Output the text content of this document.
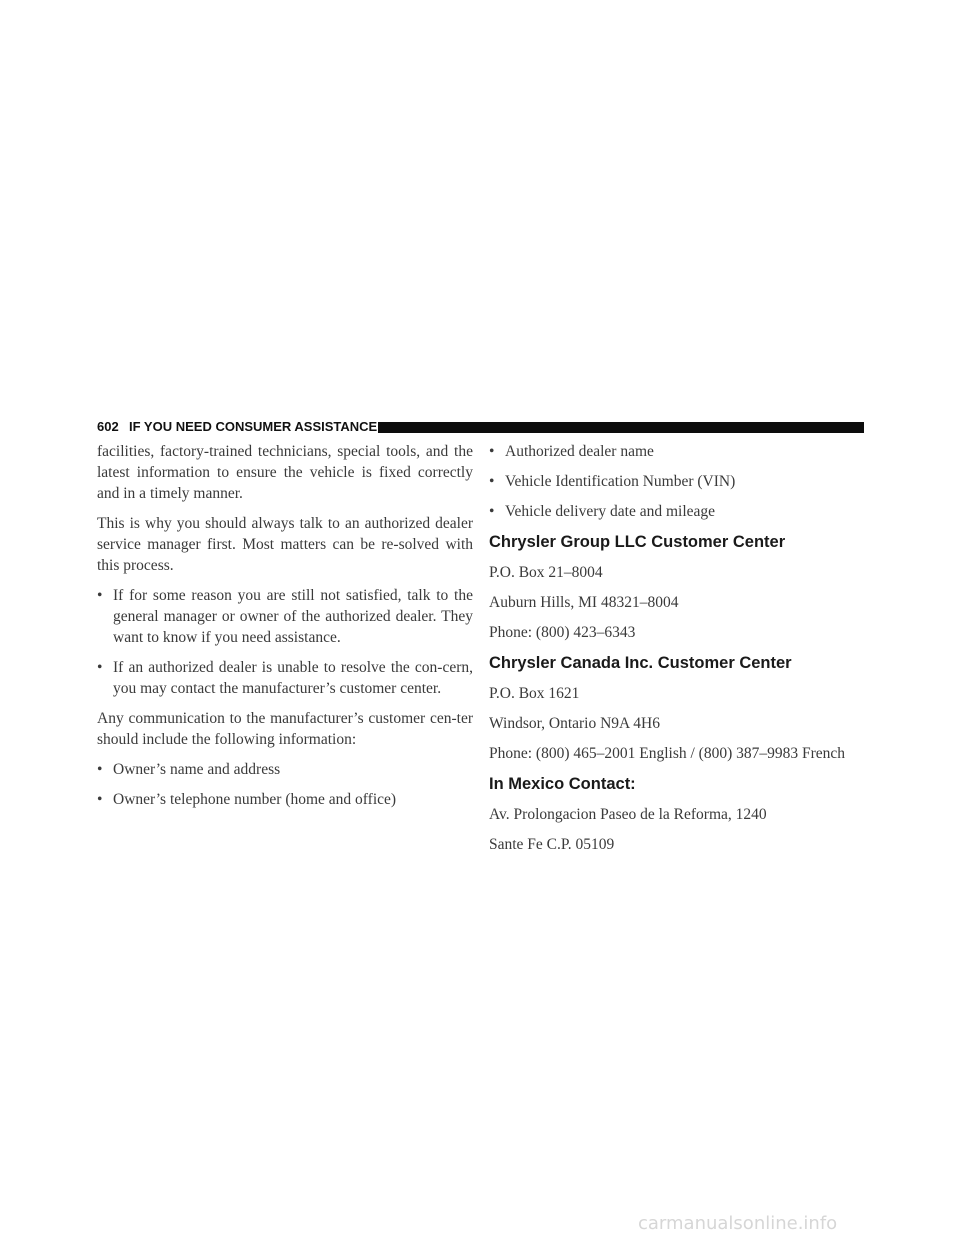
602 IF YOU NEED CONSUMER ASSISTANCE

facilities, factory-trained technicians, special tools, and the latest information to ensure the vehicle is fixed correctly and in a timely manner.

This is why you should always talk to an authorized dealer service manager first. Most matters can be re-solved with this process.

• If for some reason you are still not satisfied, talk to the general manager or owner of the authorized dealer. They want to know if you need assistance.

• If an authorized dealer is unable to resolve the con-cern, you may contact the manufacturer’s customer center.

Any communication to the manufacturer’s customer cen-ter should include the following information:

• Owner’s name and address

• Owner’s telephone number (home and office)

• Authorized dealer name

• Vehicle Identification Number (VIN)

• Vehicle delivery date and mileage

Chrysler Group LLC Customer Center

P.O. Box 21–8004

Auburn Hills, MI 48321–8004

Phone: (800) 423–6343

Chrysler Canada Inc. Customer Center

P.O. Box 1621

Windsor, Ontario N9A 4H6

Phone: (800) 465–2001 English / (800) 387–9983 French

In Mexico Contact:

Av. Prolongacion Paseo de la Reforma, 1240

Sante Fe C.P. 05109

carmanualsonline.info
